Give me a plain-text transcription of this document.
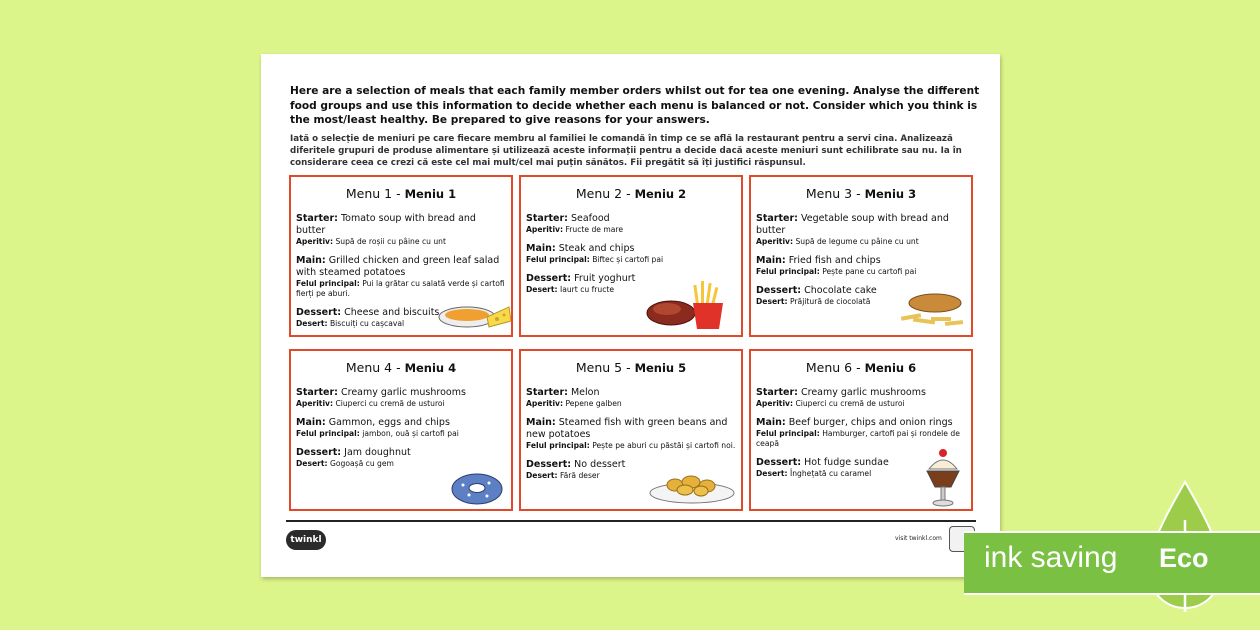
Here are a selection of meals that each family member orders whilst out for tea one evening. Analyse the different food groups and use this information to decide whether each menu is balanced or not. Consider which you think is the most/least healthy. Be prepared to give reasons for your answers.
Iată o selecție de meniuri pe care fiecare membru al familiei le comandă în timp ce se află la restaurant pentru a servi cina. Analizează diferitele grupuri de produse alimentare și utilizează aceste informații pentru a decide dacă aceste meniuri sunt echilibrate sau nu. Ia în considerare ceea ce crezi că este cel mai mult/cel mai puțin sănătos. Fii pregătit să îți justifici răspunsul.
Menu 1 - Meniu 1
Starter: Tomato soup with bread and butter
Aperitiv: Supă de roșii cu pâine cu unt
Main: Grilled chicken and green leaf salad with steamed potatoes
Felul principal: Pui la grătar cu salată verde și cartofi fierți pe aburi.
Dessert: Cheese and biscuits
Desert: Biscuiți cu cașcaval
Menu 2 - Meniu 2
Starter: Seafood
Aperitiv: Fructe de mare
Main: Steak and chips
Felul principal: Biftec și cartofi pai
Dessert: Fruit yoghurt
Desert: Iaurt cu fructe
Menu 3 - Meniu 3
Starter: Vegetable soup with bread and butter
Aperitiv: Supă de legume cu pâine cu unt
Main: Fried fish and chips
Felul principal: Pește pane cu cartofi pai
Dessert: Chocolate cake
Desert: Prăjitură de ciocolată
Menu 4 - Meniu 4
Starter: Creamy garlic mushrooms
Aperitiv: Ciuperci cu cremă de usturoi
Main: Gammon, eggs and chips
Felul principal: jambon, ouă și cartofi pai
Dessert: Jam doughnut
Desert: Gogoașă cu gem
Menu 5 - Meniu 5
Starter: Melon
Aperitiv: Pepene galben
Main: Steamed fish with green beans and new potatoes
Felul principal: Pește pe aburi cu păstăi și cartofi noi.
Dessert: No dessert
Desert: Fără deser
Menu 6 - Meniu 6
Starter: Creamy garlic mushrooms
Aperitiv: Ciuperci cu cremă de usturoi
Main: Beef burger, chips and onion rings
Felul principal: Hamburger, cartofi pai și rondele de ceapă
Dessert: Hot fudge sundae
Desert: Înghețată cu caramel
twinkl	visit twinkl.com
ink saving Eco
